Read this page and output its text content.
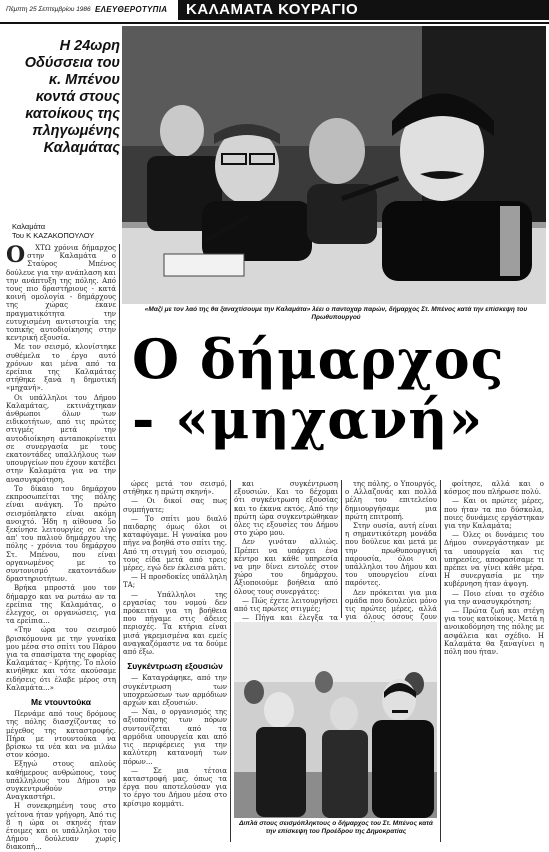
Πέμπτη 25 Σεπτεμβρίου 1986 ΕΛΕΥΘΕΡΟΤΥΠΙΑ	ΚΑΛΑΜΑΤΑ ΚΟΥΡΑΓΙΟ
Η 24ωρη Οδύσσεια του κ. Μπένου κοντά στους κατοίκους της πληγωμένης Καλαμάτας
Καλαμάτα
Του Κ ΚΑΖΑΚΟΠΟΥΛΟΥ
«Μαζί με τον λαό της θα ξαναχτίσουμε την Καλαμάτα» λέει ο παντοχαρ παρών, δήμαρχος Στ. Μπένος κατά την επίσκεψη του Πρωθυπουργού
Ο δήμαρχος
- «μηχανή»
Ο	ΧΤΩ χρόνια δήμαρχος στην Καλαμάτα ο Σταύρος Μπένος δούλευε για την ανάπλαση και την ανάπτυξη της πόλης. Από τους πιο δραστήριους - κατά κοινή ομολογία - δημάρχους της χώρας έκανε πραγματικότητα την ευτυχισμένη αντιστοιχία της τοπικής αυτοδιοίκησης στην κεντρική εξουσία.

Με τον σεισμό, κλονίστηκε συθέμελα το έργο αυτό χρόνων και μένα από τα ερείπια της Καλαμάτας στήθηκε ξανά η δημοτική «μηχανή».

Οι υπάλληλοι του Δήμου Καλαμάτας, εκτινάχτηκαν άνθρωποι όλων των ειδικοτήτων, από τις πρώτες στιγμές μετά την αυτοδιοίκηση ανταποκρίνεται σε συνεργασία με τους εκατοντάδες υπαλλήλους των υπουργείων που έχουν κατέβει στην Καλαμάτα για να την ανασυγκρότηση.

Το δίκαιο του δημάρχου εκπροσωπείται της πόλης είναι ανάγκη. Το πρώτο σεισμόπληκτο είναι ακόμη ανοιχτό. Ήδη η αίθουσα 5ο ξεκίνησε λειτουργίες σε λίγο απ' του παλιού δημάρχου της πόλης - χρόνια του δημάρχου Στ. Μπένου, που είναι οργανωμένος με το συντονισμό εκατοντάδων δραστηριοτήτων.

Βρήκα μπροστά μου τον δήμαρχο και να ρωτάω αν τα ερείπια της Καλαμάτας, ο έλεγχος, οι οργανώσεις, για τα ερείπια...

«Την ώρα του σεισμού βρισκόμουνα με την γυναίκα μου μέσα στο σπίτι του Πάρου για τα σπασίματα της εφορίας Καλαμάτας - Κρήτης. Το πλοίο κινήθηκε και τότε ακούσαμε ειδήσεις ότι έλαβε μέρος στη Καλαμάτα...»

Με ντουντούκα

Περνάμε από τους δρόμους της πόλης διασχίζοντας το μέγεθος της καταστροφής. Πήρα με ντουντούκα να βρίσκω τα νέα και να μιλάω στον κόσμο.

Εξηγώ στους απλούς καθήμερους ανθρώπους, τους υπάλληλους του Δήμου να συγκεντρωθούν στην Αναγκαστήρι.

Η συνεκρημένη τους στο γείτονα ήταν γρήγορη. Από τις 8 η ώρα οι σκηνές ήταν έτοιμες και οι υπάλληλοι του Δήμου δούλευαν χωρίς διακοπή...

ώρες μετά τον σεισμό, στήθηκε η πρώτη σκηνή».

— Οι δικοί σας πως συμπήγατε;

— Το σπίτι μου διαλύ παιδαρης όμως όλοι οι καταφύγαμε. Η γυναίκα μου πήγε να βοηθά στο σπίτι της. Από τη στιγμή του σεισμού, τους είδα μετά από τρεις μέρες, εγώ δεν έκλεισα μάτι.

— Η προσδοκίες υπάλληλη ΤΑ;

— Υπάλληλοι της εργασίας του νομού δεν πρόκειται για τη βοήθεια που πήγαμε στις άδειες περιοχές. Τα κτήρια είναι μισά γκρεμισμένα και εμείς αναγκαζόμαστε να τα δούμε από έξω.

Συγκέντρωση εξουσιών

— Καταγράφηκε, από την συγκέντρωση των υποχρεώσεων των αρμόδιων αρχών και εξουσιών.

— Ναι, ο οργανισμός της αξιοποίησης των πόρων συντονίζεται από τα αρμόδια υπουργεία και από τις περιφέρειες για την καλύτερη κατανομή των πόρων...

— Σε μια τέτοια καταστροφή μας, όπως τα έργα που αποτελούσαν για το έργο του Δήμου μέσα στο κρίσιμο κομμάτι.

και συγκέντρωση εξουσιών. Και το δέχομαι ότι συγκέντρωση εξουσίας και το έκανα εκτός. Από την πρώτη ώρα συγκεντρώθηκαν όλες τις εξουσίες του Δήμου στο χώρο μου.

Δεν γινόταν αλλιώς. Πρέπει να υπάρχει ένα κέντρο και κάθε υπηρεσία να μην δίνει εντολές στον χώρο του δημάρχου. Αξιοποιούμε βοήθεια από όλους τους συνεργάτες:

— Πώς έχετε λειτουργήσει από τις πρώτες στιγμές;

— Πήγα και έλεγξα τα

της πόλης, ο Υπουργός, ο Αλλαζονάς και πολλά μέλη του επιτελείου δημιουργήσαμε μια πρώτη επιτροπή.

Στην ουσία, αυτή είναι η σημαντικότερη μονάδα που δούλευε και μετά με την πρωθυπουργική παρουσία, όλοι οι υπάλληλοι του Δήμου και του υπουργείου είναι παρόντες.

Δεν πρόκειται για μια ομάδα που δουλεύει μόνο τις πρώτες μέρες, αλλά για όλους όσους ζουν

φοίτησε, αλλά και ο κόσμος που πλήρωσε πολύ.

— Και οι πρώτες μέρες, που ήταν τα πιο δύσκολα, ποιες δυνάμεις εργάστηκαν για την Καλαμάτα;

— Όλες οι δυνάμεις του Δήμου συνεργάστηκαν με τα υπουργεία και τις υπηρεσίες, αποφασίσαμε τι πρέπει να γίνει κάθε μέρα. Η συνεργασία με την κυβέρνηση ήταν άψογη.

— Ποιο είναι το σχέδιο για την ανασυγκρότηση;

— Πρώτα ζωή και στέγη για τους κατοίκους. Μετά η ανοικοδόμηση της πόλης με ασφάλεια και σχέδιο. Η Καλαμάτα θα ξαναγίνει η πόλη που ήταν.

Διπλά στους σεισμόπληκτους ο δήμαρχος του Στ. Μπένος κατά την επίσκεψη του Προέδρου της Δημοκρατίας
